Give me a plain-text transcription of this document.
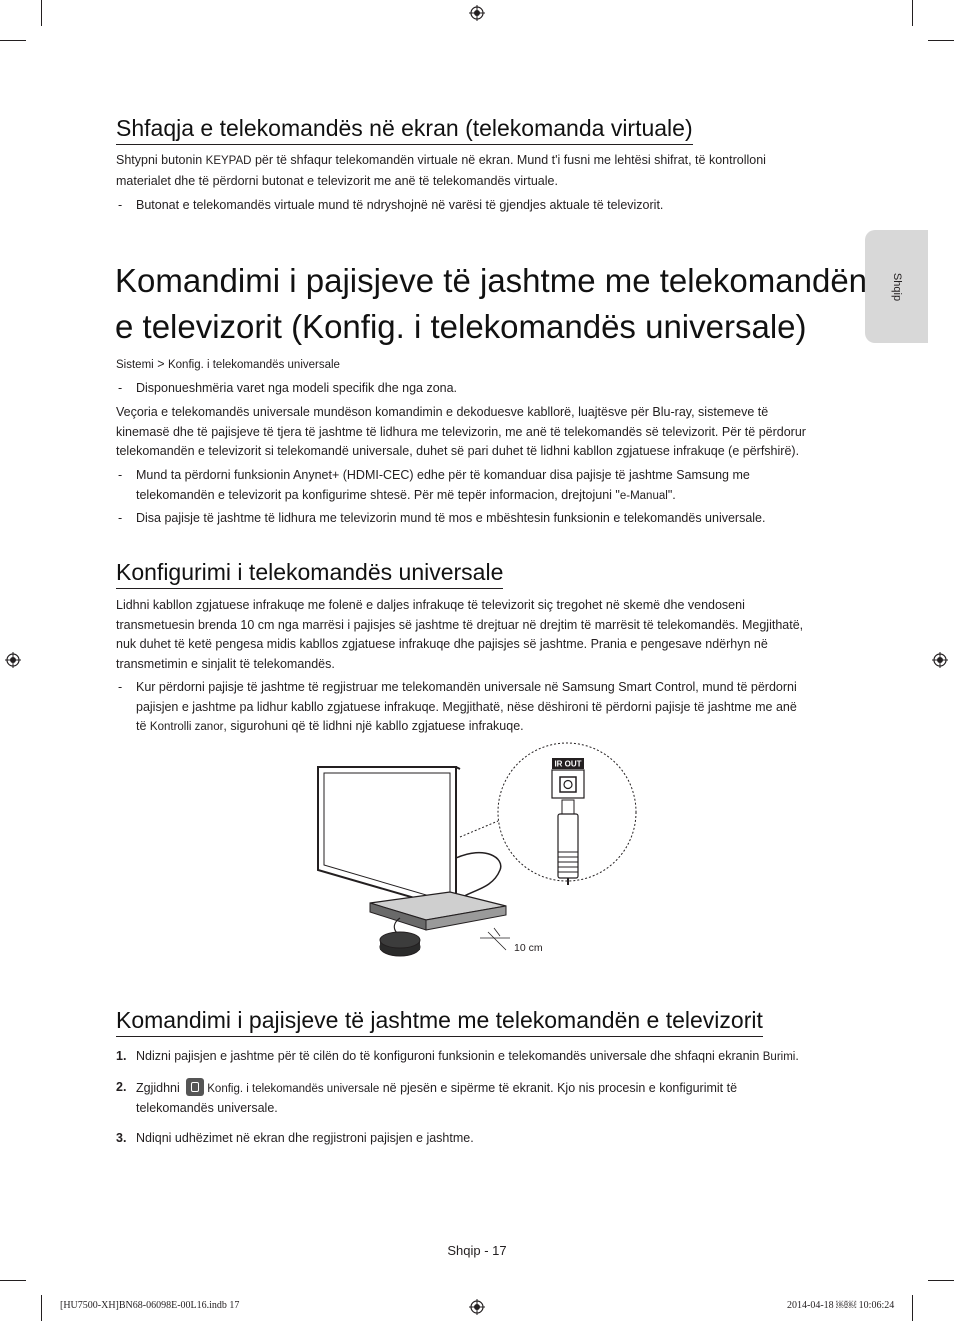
Shqip
Shfaqja e telekomandës në ekran (telekomanda virtuale)
Shtypni butonin KEYPAD për të shfaqur telekomandën virtuale në ekran. Mund t'i fusni me lehtësi shifrat, të kontrolloni
materialet dhe të përdorni butonat e televizorit me anë të telekomandës virtuale.
- Butonat e telekomandës virtuale mund të ndryshojnë në varësi të gjendjes aktuale të televizorit.
Komandimi i pajisjeve të jashtme me telekomandën
e televizorit (Konfig. i telekomandës universale)
Sistemi > Konfig. i telekomandës universale
- Disponueshmëria varet nga modeli specifik dhe nga zona.
Veçoria e telekomandës universale mundëson komandimin e dekoduesve kabllorë, luajtësve për Blu-ray, sistemeve të
kinemasë dhe të pajisjeve të tjera të jashtme të lidhura me televizorin, me anë të telekomandës së televizorit. Për të përdorur
telekomandën e televizorit si telekomandë universale, duhet së pari duhet të lidhni kabllon zgjatuese infrakuqe (e përfshirë).
- Mund ta përdorni funksionin Anynet+ (HDMI-CEC) edhe për të komanduar disa pajisje të jashtme Samsung me
telekomandën e televizorit pa konfigurime shtesë. Për më tepër informacion, drejtojuni "e-Manual".
- Disa pajisje të jashtme të lidhura me televizorin mund të mos e mbështesin funksionin e telekomandës universale.
Konfigurimi i telekomandës universale
Lidhni kabllon zgjatuese infrakuqe me folenë e daljes infrakuqe të televizorit siç tregohet në skemë dhe vendoseni
transmetuesin brenda 10 cm nga marrësi i pajisjes së jashtme të drejtuar në drejtim të marrësit të telekomandës. Megjithatë,
nuk duhet të ketë pengesa midis kabllos zgjatuese infrakuqe dhe pajisjes së jashtme. Prania e pengesave ndërhyn në
transmetimin e sinjalit të telekomandës.
- Kur përdorni pajisje të jashtme të regjistruar me telekomandën universale në Samsung Smart Control, mund të përdorni
pajisjen e jashtme pa lidhur kabllo zgjatuese infrakuqe. Megjithatë, nëse dëshironi të përdorni pajisje të jashtme me anë
të Kontrolli zanor, sigurohuni që të lidhni një kabllo zgjatuese infrakuqe.
10 cm
IR OUT
Komandimi i pajisjeve të jashtme me telekomandën e televizorit
1. Ndizni pajisjen e jashtme për të cilën do të konfiguroni funksionin e telekomandës universale dhe shfaqni ekranin Burimi.
2. Zgjidhni Konfig. i telekomandës universale në pjesën e sipërme të ekranit. Kjo nis procesin e konfigurimit të
telekomandës universale.
3. Ndiqni udhëzimet në ekran dhe regjistroni pajisjen e jashtme.
Shqip - 17
[HU7500-XH]BN68-06098E-00L16.indb 17	2014-04-18 ￼￼ 10:06:24
